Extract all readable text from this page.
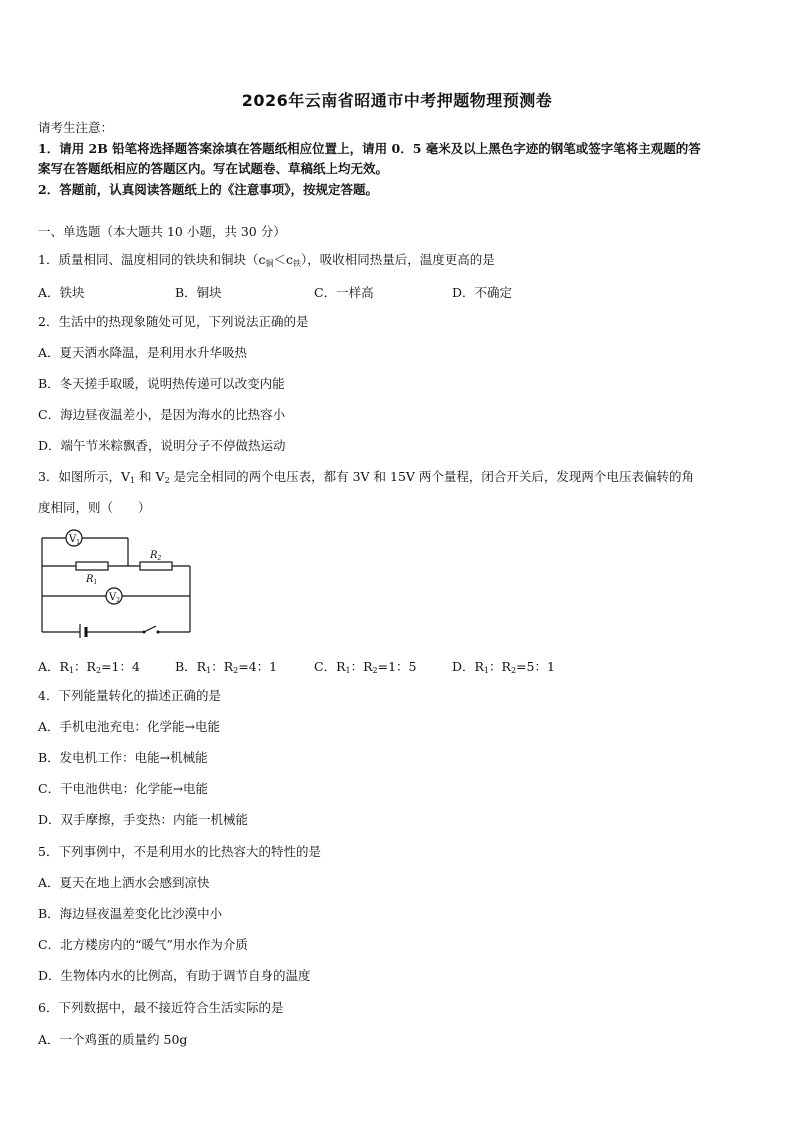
2026年云南省昭通市中考押题物理预测卷
请考生注意：
1．请用 2B 铅笔将选择题答案涂填在答题纸相应位置上，请用 0．5 毫米及以上黑色字迹的钢笔或签字笔将主观题的答
案写在答题纸相应的答题区内。写在试题卷、草稿纸上均无效。
2．答题前，认真阅读答题纸上的《注意事项》，按规定答题。
一、单选题（本大题共 10 小题，共 30 分）
1．质量相同、温度相同的铁块和铜块$(c_铜<c_铁)$，吸收相同热量后，温度更高的是
A．铁块	B．铜块	C．一样高	D．不确定
2．生活中的热现象随处可见，下列说法正确的是
A．夏天洒水降温，是利用水升华吸热
B．冬天搓手取暖，说明热传递可以改变内能
C．海边昼夜温差小，是因为海水的比热容小
D．端午节米粽飘香，说明分子不停做热运动
3．如图所示，$V_1$ 和 $V_2$ 是完全相同的两个电压表，都有 3V 和 15V 两个量程，闭合开关后，发现两个电压表偏转的角
度相同，则（　　）
$V_1$
$V_2$
$R_1$
$R_2$
A．$R_1$：$R_2=1$：4	B．$R_1$：$R_2=4$：1	C．$R_1$：$R_2=1$：5	D．$R_1$：$R_2=5$：1
4．下列能量转化的描述正确的是
A．手机电池充电：化学能→电能
B．发电机工作：电能→机械能
C．干电池供电：化学能→电能
D．双手摩擦，手变热：内能一机械能
5．下列事例中，不是利用水的比热容大的特性的是
A．夏天在地上洒水会感到凉快
B．海边昼夜温差变化比沙漠中小
C．北方楼房内的“暖气”用水作为介质
D．生物体内水的比例高，有助于调节自身的温度
6．下列数据中，最不接近符合生活实际的是
A．一个鸡蛋的质量约 50g
